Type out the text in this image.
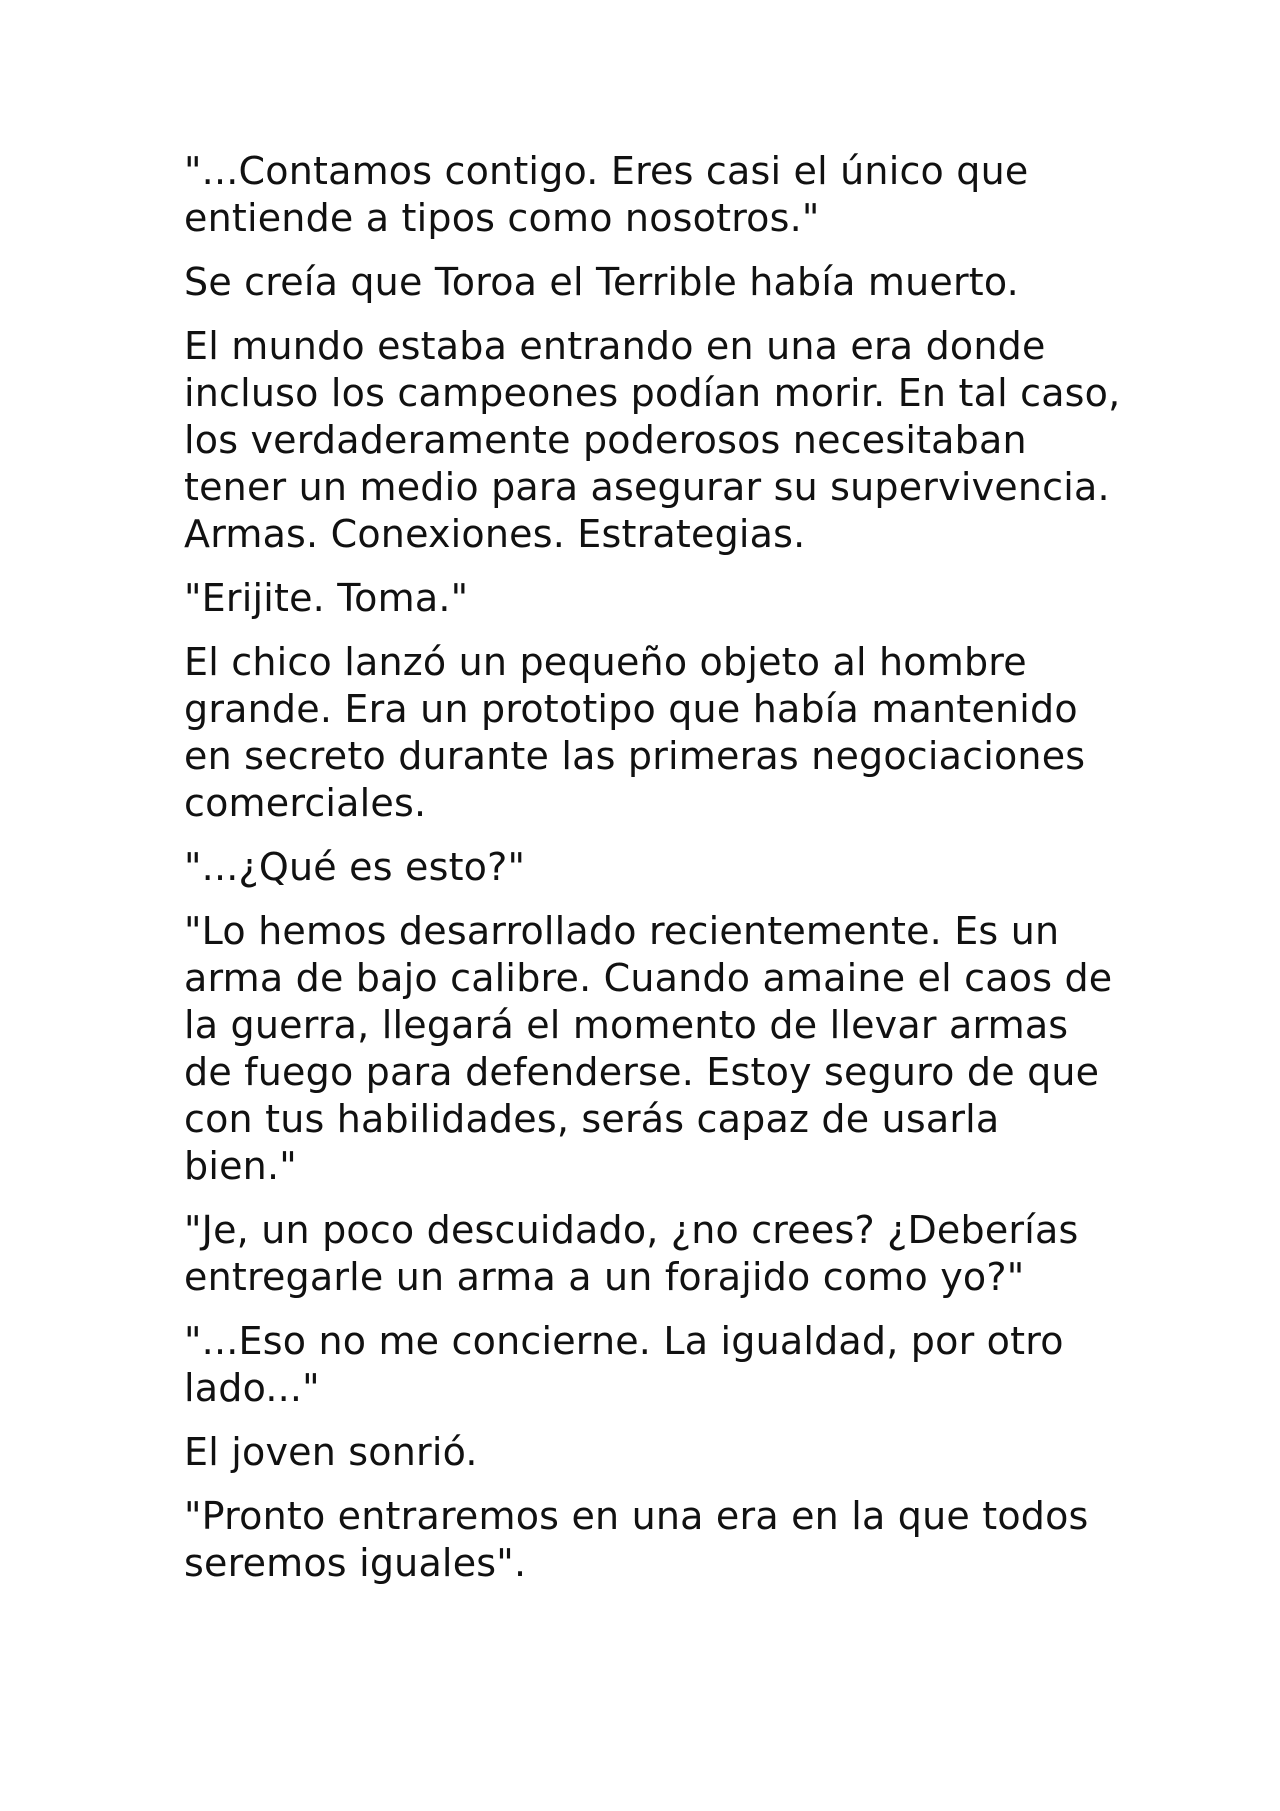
"...Contamos contigo. Eres casi el único que entiende a tipos como nosotros."

Se creía que Toroa el Terrible había muerto.

El mundo estaba entrando en una era donde incluso los campeones podían morir. En tal caso, los verdaderamente poderosos necesitaban tener un medio para asegurar su supervivencia. Armas. Conexiones. Estrategias.

"Erijite. Toma."

El chico lanzó un pequeño objeto al hombre grande. Era un prototipo que había mantenido en secreto durante las primeras negociaciones comerciales.

"...¿Qué es esto?"

"Lo hemos desarrollado recientemente. Es un arma de bajo calibre. Cuando amaine el caos de la guerra, llegará el momento de llevar armas de fuego para defenderse. Estoy seguro de que con tus habilidades, serás capaz de usarla bien."

"Je, un poco descuidado, ¿no crees? ¿Deberías entregarle un arma a un forajido como yo?"

"...Eso no me concierne. La igualdad, por otro lado..."

El joven sonrió.

"Pronto entraremos en una era en la que todos seremos iguales".
